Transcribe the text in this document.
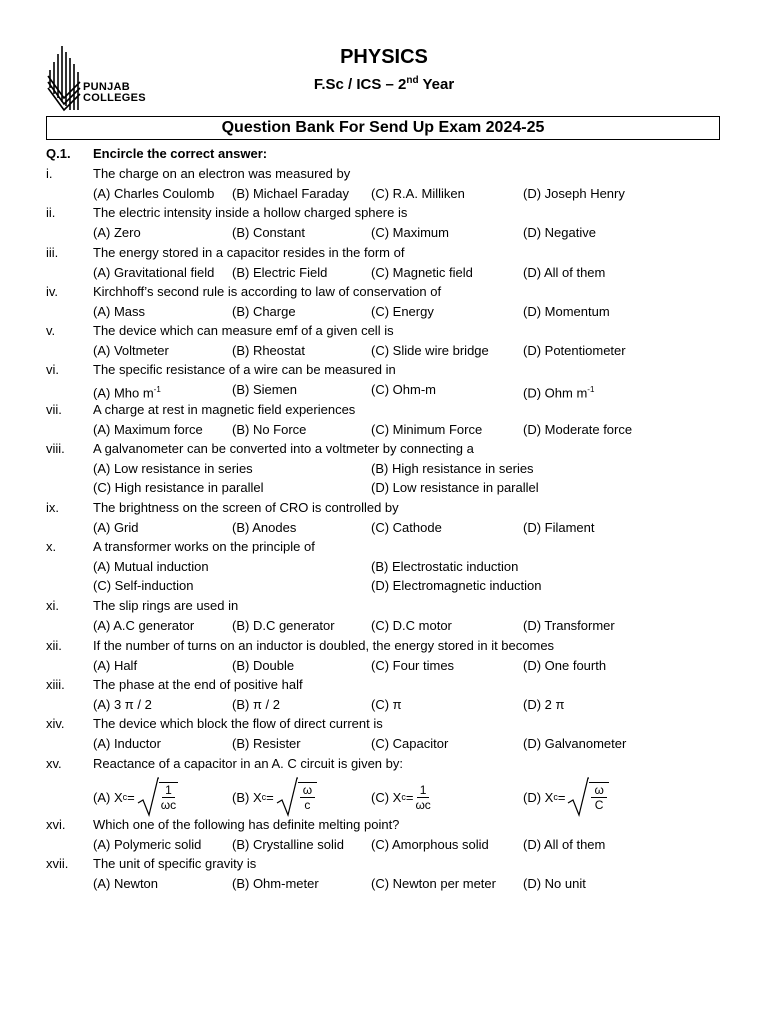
PUNJAB
COLLEGES
PHYSICS
F.Sc / ICS – 2nd Year
Question Bank For Send Up Exam 2024-25
Q.1. Encircle the correct answer:
i.	The charge on an electron was measured by
(A) Charles Coulomb (B) Michael Faraday (C) R.A. Milliken	(D) Joseph Henry
ii.	The electric intensity inside a hollow charged sphere is
(A) Zero	(B) Constant	(C) Maximum	(D) Negative
iii.	The energy stored in a capacitor resides in the form of
(A) Gravitational field (B) Electric Field	(C) Magnetic field	(D) All of them
iv.	Kirchhoff’s second rule is according to law of conservation of
(A) Mass	(B) Charge	(C) Energy	(D) Momentum
v.	The device which can measure emf of a given cell is
(A) Voltmeter	(B) Rheostat	(C) Slide wire bridge	(D) Potentiometer
vi.	The specific resistance of a wire can be measured in
(A) Mho $m^{-1}$	(B) Siemen	(C) Ohm-m	(D) Ohm $m^{-1}$
vii. A charge at rest in magnetic field experiences
(A) Maximum force (B) No Force	(C) Minimum Force	(D) Moderate force
viii. A galvanometer can be converted into a voltmeter by connecting a
(A) Low resistance in series	(B) High resistance in series
(C) High resistance in parallel	(D) Low resistance in parallel
ix.	The brightness on the screen of CRO is controlled by
(A) Grid	(B) Anodes	(C) Cathode	(D) Filament
x.	A transformer works on the principle of
(A) Mutual induction	(B) Electrostatic induction
(C) Self-induction	(D) Electromagnetic induction
xi.	The slip rings are used in
(A) A.C generator	(B) D.C generator	(C) D.C motor	(D) Transformer
xii. If the number of turns on an inductor is doubled, the energy stored in it becomes
(A) Half	(B) Double	(C) Four times	(D) One fourth
xiii. The phase at the end of positive half
(A) 3 π / 2	(B) π / 2	(C) π	(D) 2 π
xiv. The device which block the flow of direct current is
(A) Inductor	(B) Resister	(C) Capacitor	(D) Galvanometer
xv. Reactance of a capacitor in an A. C circuit is given by:
xvi. Which one of the following has definite melting point?
(A) Polymeric solid (B) Crystalline solid (C) Amorphous solid	(D) All of them
xvii. The unit of specific gravity is
(A) Newton	(B) Ohm-meter	(C) Newton per meter (D) No unit
(A) X $c = \frac{1}{\omega c}$	(B) X $c = \frac{\omega}{c}$	(C) X $c = \frac{1}{\omega c}$	(D) X $c = \frac{\omega}{C}$
